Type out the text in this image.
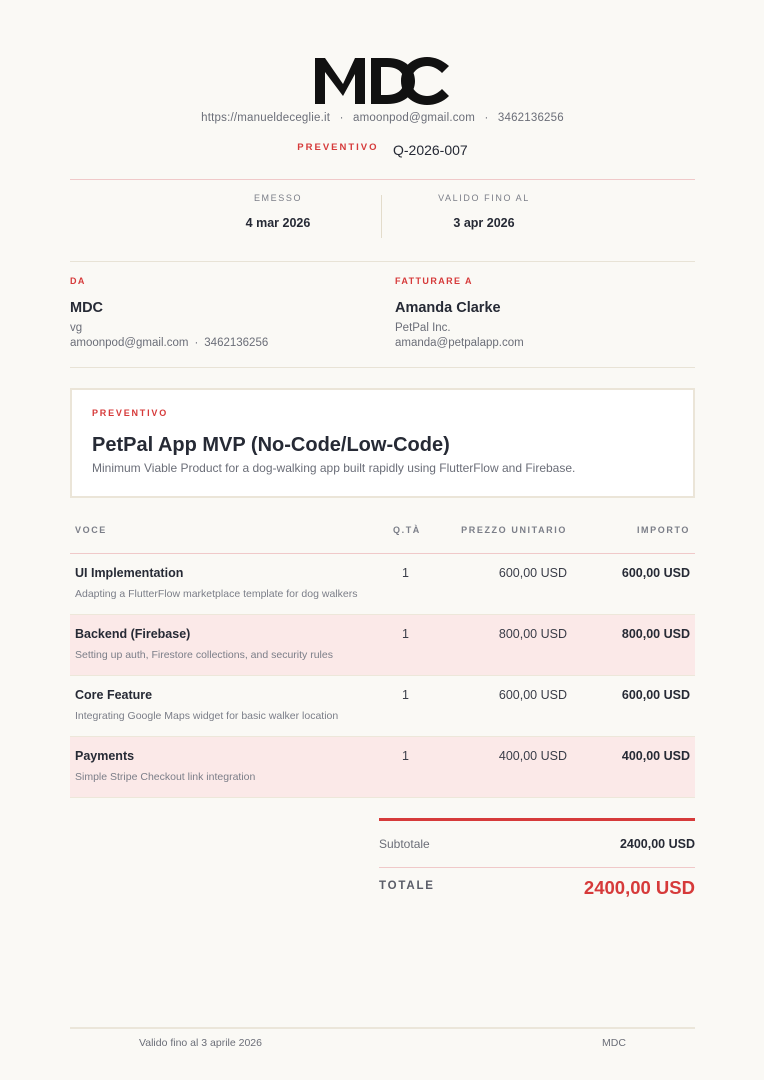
https://manueldeceglie.it · amoonpod@gmail.com · 3462136256
PREVENTIVO Q-2026-007
EMESSO
4 mar 2026
VALIDO FINO AL
3 apr 2026
DA
MDC
vg
amoonpod@gmail.com · 3462136256
FATTURARE A
Amanda Clarke
PetPal Inc.
amanda@petpalapp.com
PREVENTIVO
PetPal App MVP (No-Code/Low-Code)
Minimum Viable Product for a dog-walking app built rapidly using FlutterFlow and Firebase.
VOCE	Q.TÀ	PREZZO UNITARIO	IMPORTO
UI Implementation
Adapting a FlutterFlow marketplace template for dog walkers
1	600,00 USD	600,00 USD
Backend (Firebase)
Setting up auth, Firestore collections, and security rules
1	800,00 USD	800,00 USD
Core Feature
Integrating Google Maps widget for basic walker location
1	600,00 USD	600,00 USD
Payments
Simple Stripe Checkout link integration
1	400,00 USD	400,00 USD
Subtotale	2400,00 USD
TOTALE	2400,00 USD
Valido fino al 3 aprile 2026	MDC
